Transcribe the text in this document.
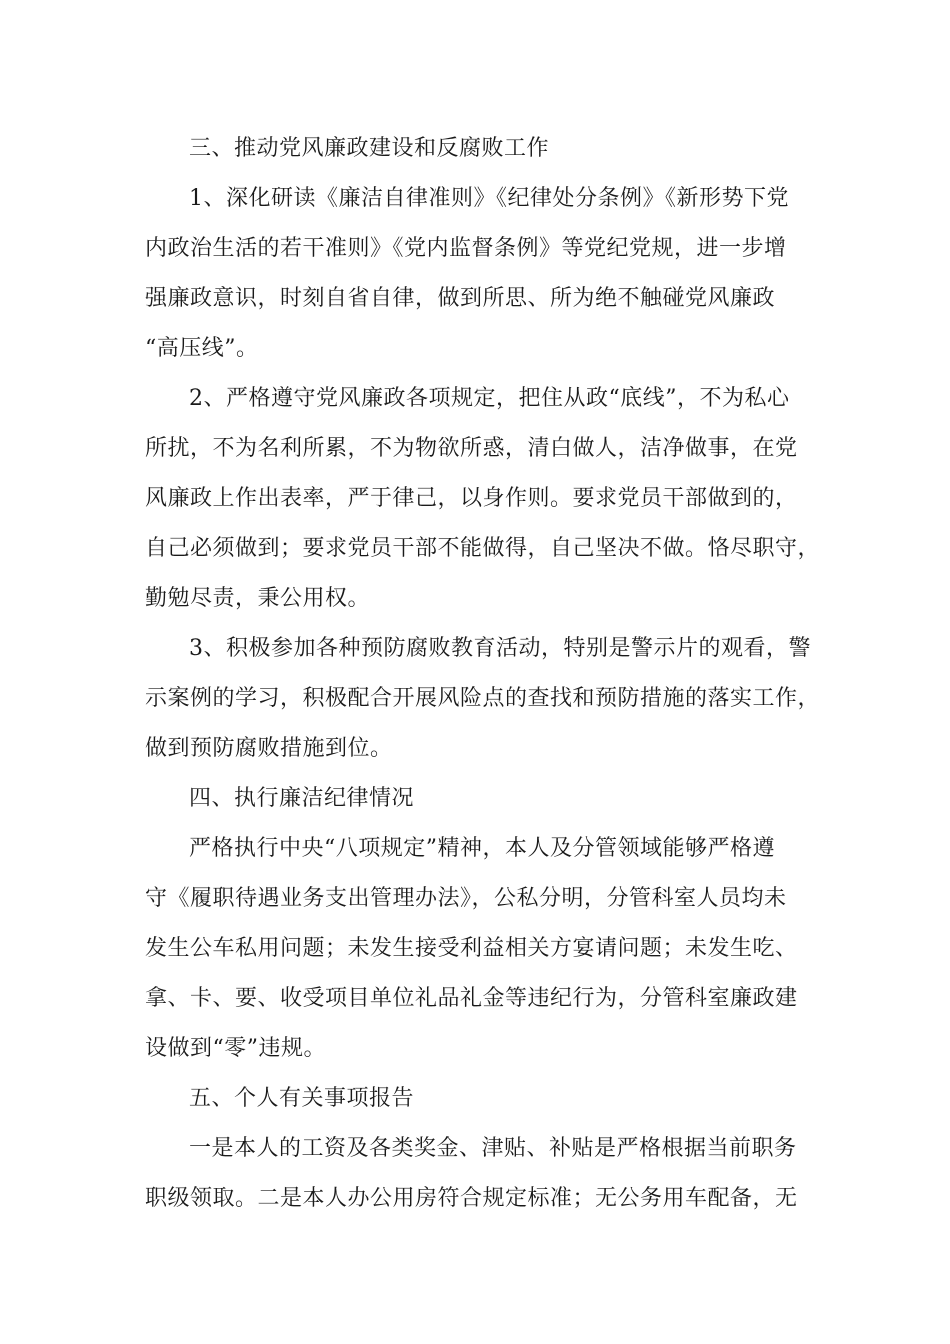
三、推动党风廉政建设和反腐败工作
1、深化研读《廉洁自律准则》《纪律处分条例》《新形势下党
内政治生活的若干准则》《党内监督条例》等党纪党规，进一步增
强廉政意识，时刻自省自律，做到所思、所为绝不触碰党风廉政
“高压线”。
2、严格遵守党风廉政各项规定，把住从政“底线”，不为私心
所扰，不为名利所累，不为物欲所惑，清白做人，洁净做事，在党
风廉政上作出表率，严于律己，以身作则。要求党员干部做到的，
自己必须做到；要求党员干部不能做得，自己坚决不做。恪尽职守，
勤勉尽责，秉公用权。
3、积极参加各种预防腐败教育活动，特别是警示片的观看，警
示案例的学习，积极配合开展风险点的查找和预防措施的落实工作，
做到预防腐败措施到位。
四、执行廉洁纪律情况
严格执行中央“八项规定”精神，本人及分管领域能够严格遵
守《履职待遇业务支出管理办法》，公私分明，分管科室人员均未
发生公车私用问题；未发生接受利益相关方宴请问题；未发生吃、
拿、卡、要、收受项目单位礼品礼金等违纪行为，分管科室廉政建
设做到“零”违规。
五、个人有关事项报告
一是本人的工资及各类奖金、津贴、补贴是严格根据当前职务
职级领取。二是本人办公用房符合规定标准；无公务用车配备，无
